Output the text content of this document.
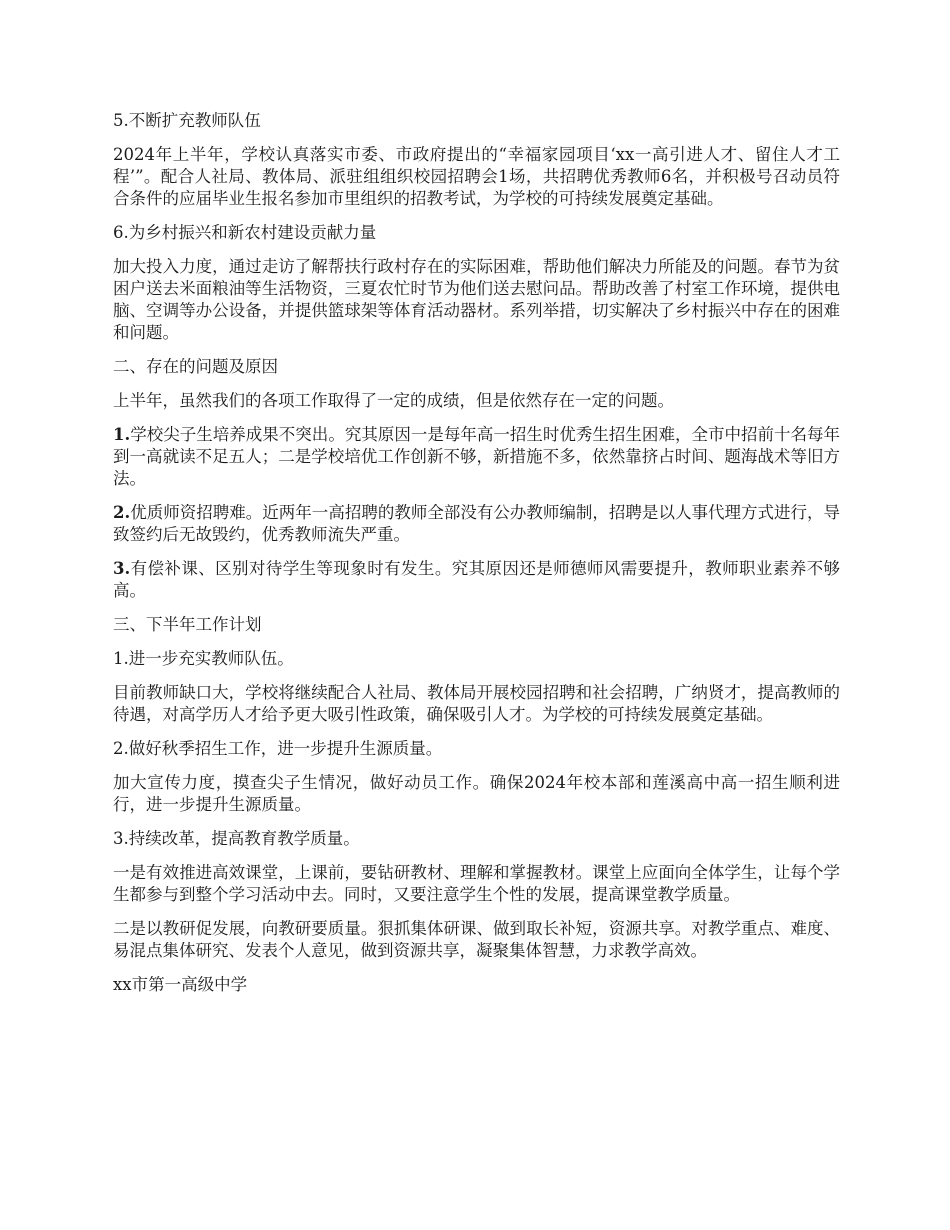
5.不断扩充教师队伍

2024年上半年，学校认真落实市委、市政府提出的“幸福家园项目‘xx一高引进人才、留住人才工程’”。配合人社局、教体局、派驻组组织校园招聘会1场，共招聘优秀教师6名，并积极号召动员符合条件的应届毕业生报名参加市里组织的招教考试，为学校的可持续发展奠定基础。

6.为乡村振兴和新农村建设贡献力量

加大投入力度，通过走访了解帮扶行政村存在的实际困难，帮助他们解决力所能及的问题。春节为贫困户送去米面粮油等生活物资，三夏农忙时节为他们送去慰问品。帮助改善了村室工作环境，提供电脑、空调等办公设备，并提供篮球架等体育活动器材。系列举措，切实解决了乡村振兴中存在的困难和问题。

二、存在的问题及原因

上半年，虽然我们的各项工作取得了一定的成绩，但是依然存在一定的问题。

1.学校尖子生培养成果不突出。究其原因一是每年高一招生时优秀生招生困难，全市中招前十名每年到一高就读不足五人；二是学校培优工作创新不够，新措施不多，依然靠挤占时间、题海战术等旧方法。

2.优质师资招聘难。近两年一高招聘的教师全部没有公办教师编制，招聘是以人事代理方式进行，导致签约后无故毁约，优秀教师流失严重。

3.有偿补课、区别对待学生等现象时有发生。究其原因还是师德师风需要提升，教师职业素养不够高。

三、下半年工作计划

1.进一步充实教师队伍。

目前教师缺口大，学校将继续配合人社局、教体局开展校园招聘和社会招聘，广纳贤才，提高教师的待遇，对高学历人才给予更大吸引性政策，确保吸引人才。为学校的可持续发展奠定基础。

2.做好秋季招生工作，进一步提升生源质量。

加大宣传力度，摸查尖子生情况，做好动员工作。确保2024年校本部和莲溪高中高一招生顺利进行，进一步提升生源质量。

3.持续改革，提高教育教学质量。

一是有效推进高效课堂，上课前，要钻研教材、理解和掌握教材。课堂上应面向全体学生，让每个学生都参与到整个学习活动中去。同时，又要注意学生个性的发展，提高课堂教学质量。

二是以教研促发展，向教研要质量。狠抓集体研课、做到取长补短，资源共享。对教学重点、难度、易混点集体研究、发表个人意见，做到资源共享，凝聚集体智慧，力求教学高效。

xx市第一高级中学
